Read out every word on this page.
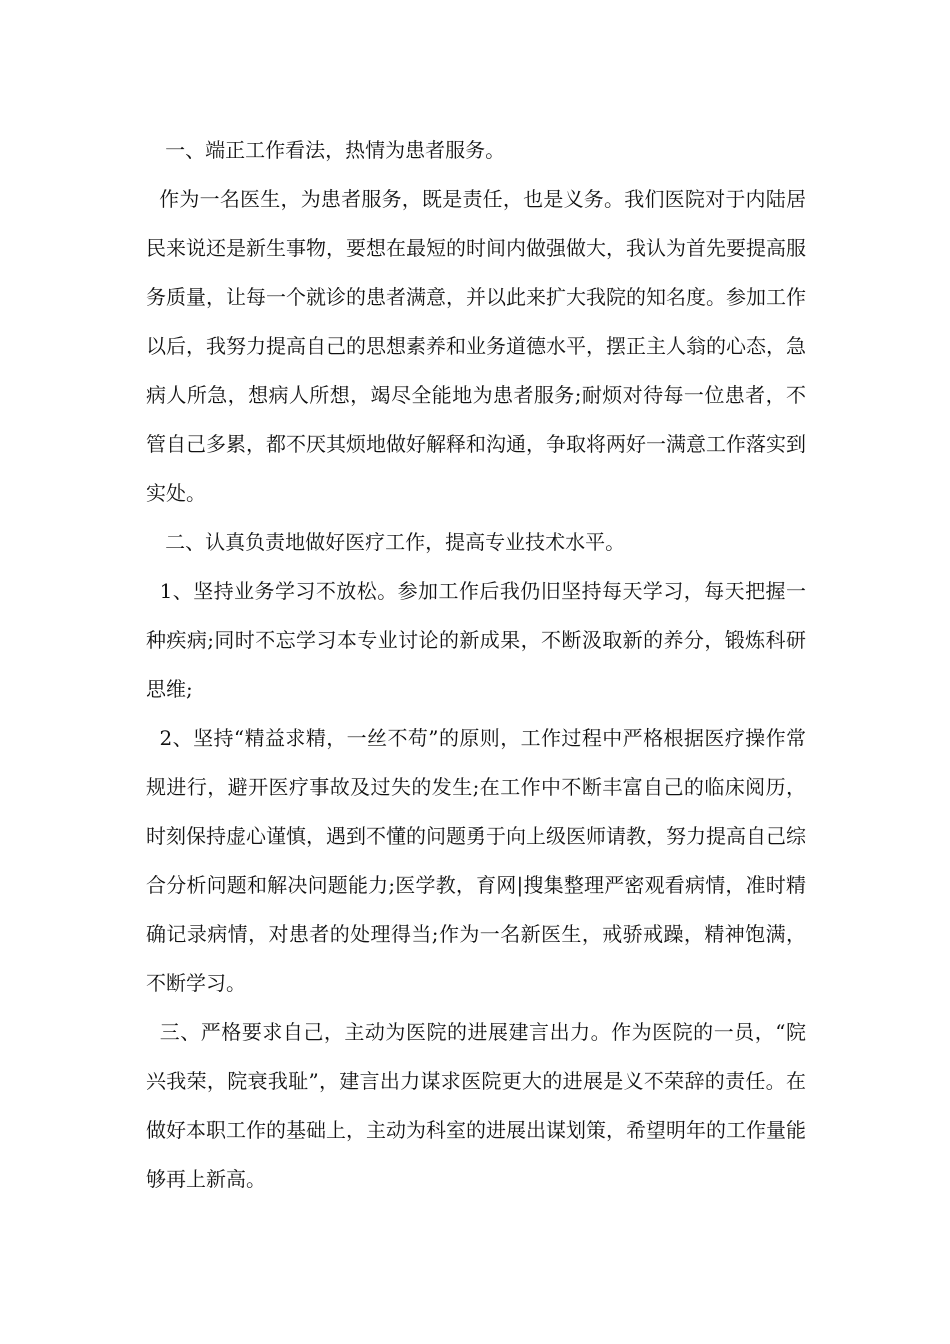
一、端正工作看法，热情为患者服务。

作为一名医生，为患者服务，既是责任，也是义务。我们医院对于内陆居民来说还是新生事物，要想在最短的时间内做强做大，我认为首先要提高服务质量，让每一个就诊的患者满意，并以此来扩大我院的知名度。参加工作以后，我努力提高自己的思想素养和业务道德水平，摆正主人翁的心态，急病人所急，想病人所想，竭尽全能地为患者服务;耐烦对待每一位患者，不管自己多累，都不厌其烦地做好解释和沟通，争取将两好一满意工作落实到实处。

二、认真负责地做好医疗工作，提高专业技术水平。

1、坚持业务学习不放松。参加工作后我仍旧坚持每天学习，每天把握一种疾病;同时不忘学习本专业讨论的新成果，不断汲取新的养分，锻炼科研思维;

2、坚持“精益求精，一丝不苟”的原则，工作过程中严格根据医疗操作常规进行，避开医疗事故及过失的发生;在工作中不断丰富自己的临床阅历，时刻保持虚心谨慎，遇到不懂的问题勇于向上级医师请教，努力提高自己综合分析问题和解决问题能力;医学教，育网|搜集整理严密观看病情，准时精确记录病情，对患者的处理得当;作为一名新医生，戒骄戒躁，精神饱满，不断学习。

三、严格要求自己，主动为医院的进展建言出力。作为医院的一员，“院兴我荣，院衰我耻”，建言出力谋求医院更大的进展是义不荣辞的责任。在做好本职工作的基础上，主动为科室的进展出谋划策，希望明年的工作量能够再上新高。
